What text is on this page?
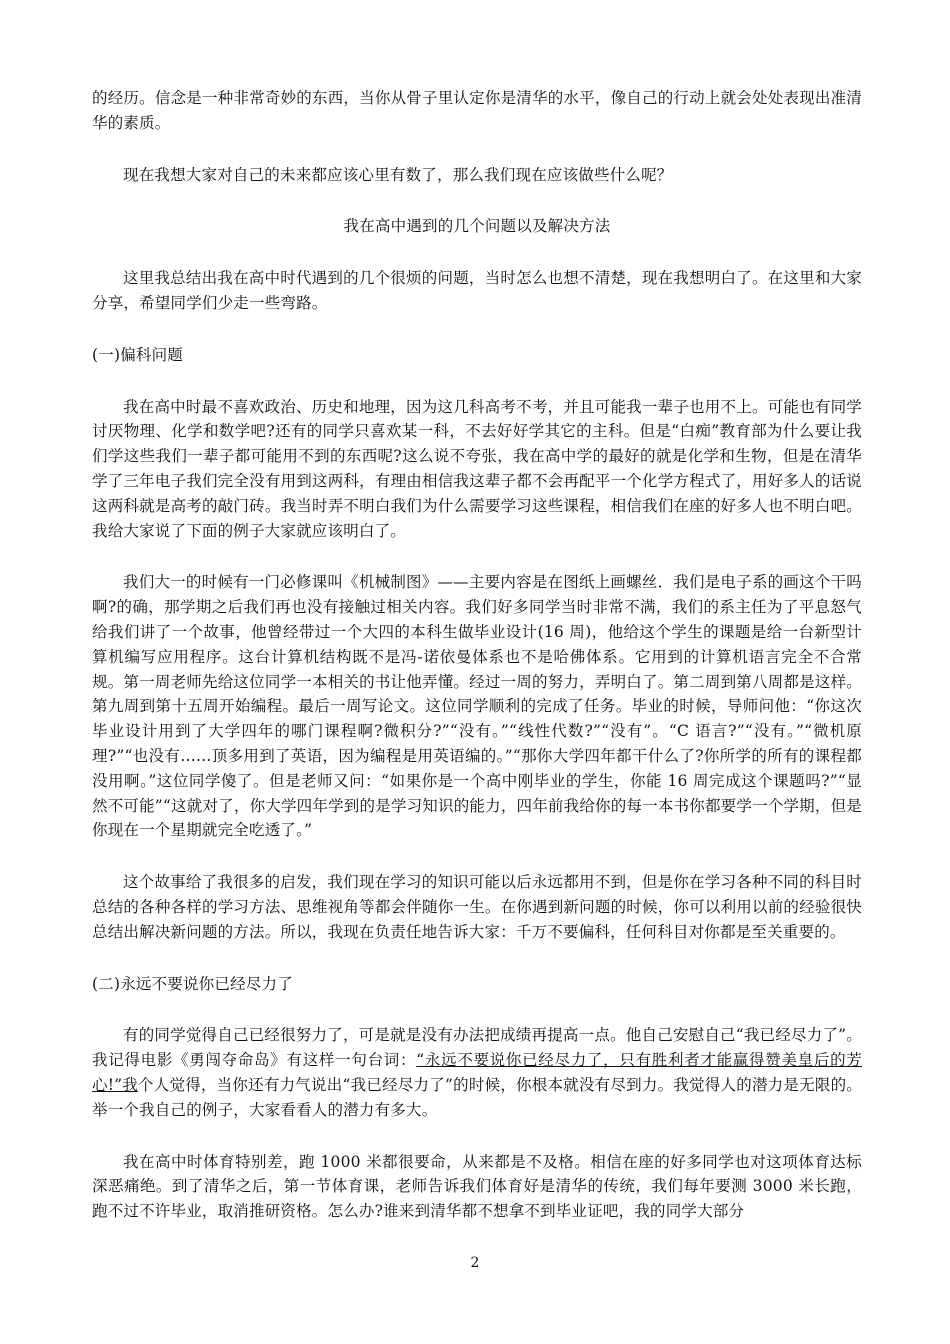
的经历。信念是一种非常奇妙的东西，当你从骨子里认定你是清华的水平，像自己的行动上就会处处表现出准清华的素质。

现在我想大家对自己的未来都应该心里有数了，那么我们现在应该做些什么呢？

我在高中遇到的几个问题以及解决方法

这里我总结出我在高中时代遇到的几个很烦的问题，当时怎么也想不清楚，现在我想明白了。在这里和大家分享，希望同学们少走一些弯路。

(一)偏科问题

我在高中时最不喜欢政治、历史和地理，因为这几科高考不考，并且可能我一辈子也用不上。可能也有同学讨厌物理、化学和数学吧?还有的同学只喜欢某一科，不去好好学其它的主科。但是“白痴”教育部为什么要让我们学这些我们一辈子都可能用不到的东西呢?这么说不夸张，我在高中学的最好的就是化学和生物，但是在清华学了三年电子我们完全没有用到这两科，有理由相信我这辈子都不会再配平一个化学方程式了，用好多人的话说这两科就是高考的敲门砖。我当时弄不明白我们为什么需要学习这些课程，相信我们在座的好多人也不明白吧。我给大家说了下面的例子大家就应该明白了。

我们大一的时候有一门必修课叫《机械制图》——主要内容是在图纸上画螺丝．我们是电子系的画这个干吗啊?的确，那学期之后我们再也没有接触过相关内容。我们好多同学当时非常不满，我们的系主任为了平息怒气给我们讲了一个故事，他曾经带过一个大四的本科生做毕业设计(16 周)，他给这个学生的课题是给一台新型计算机编写应用程序。这台计算机结构既不是冯-诺依曼体系也不是哈佛体系。它用到的计算机语言完全不合常规。第一周老师先给这位同学一本相关的书让他弄懂。经过一周的努力，弄明白了。第二周到第八周都是这样。第九周到第十五周开始编程。最后一周写论文。这位同学顺利的完成了任务。毕业的时候，导师问他：“你这次毕业设计用到了大学四年的哪门课程啊?微积分?”“没有。”“线性代数?”“没有”。“C 语言?”“没有。”“微机原理?”“也没有……顶多用到了英语，因为编程是用英语编的。”“那你大学四年都干什么了?你所学的所有的课程都没用啊。”这位同学傻了。但是老师又问：“如果你是一个高中刚毕业的学生，你能 16 周完成这个课题吗?”“显然不可能”“这就对了，你大学四年学到的是学习知识的能力，四年前我给你的每一本书你都要学一个学期，但是你现在一个星期就完全吃透了。”

这个故事给了我很多的启发，我们现在学习的知识可能以后永远都用不到，但是你在学习各种不同的科目时总结的各种各样的学习方法、思维视角等都会伴随你一生。在你遇到新问题的时候，你可以利用以前的经验很快总结出解决新问题的方法。所以，我现在负责任地告诉大家：千万不要偏科，任何科目对你都是至关重要的。

(二)永远不要说你已经尽力了

有的同学觉得自己已经很努力了，可是就是没有办法把成绩再提高一点。他自己安慰自己“我已经尽力了”。我记得电影《勇闯夺命岛》有这样一句台词：“永远不要说你已经尽力了，只有胜利者才能赢得赞美皇后的芳心!”我个人觉得，当你还有力气说出“我已经尽力了”的时候，你根本就没有尽到力。我觉得人的潜力是无限的。举一个我自己的例子，大家看看人的潜力有多大。

我在高中时体育特别差，跑 1000 米都很要命，从来都是不及格。相信在座的好多同学也对这项体育达标深恶痛绝。到了清华之后，第一节体育课，老师告诉我们体育好是清华的传统，我们每年要测 3000 米长跑，跑不过不许毕业，取消推研资格。怎么办?谁来到清华都不想拿不到毕业证吧，我的同学大部分

2
